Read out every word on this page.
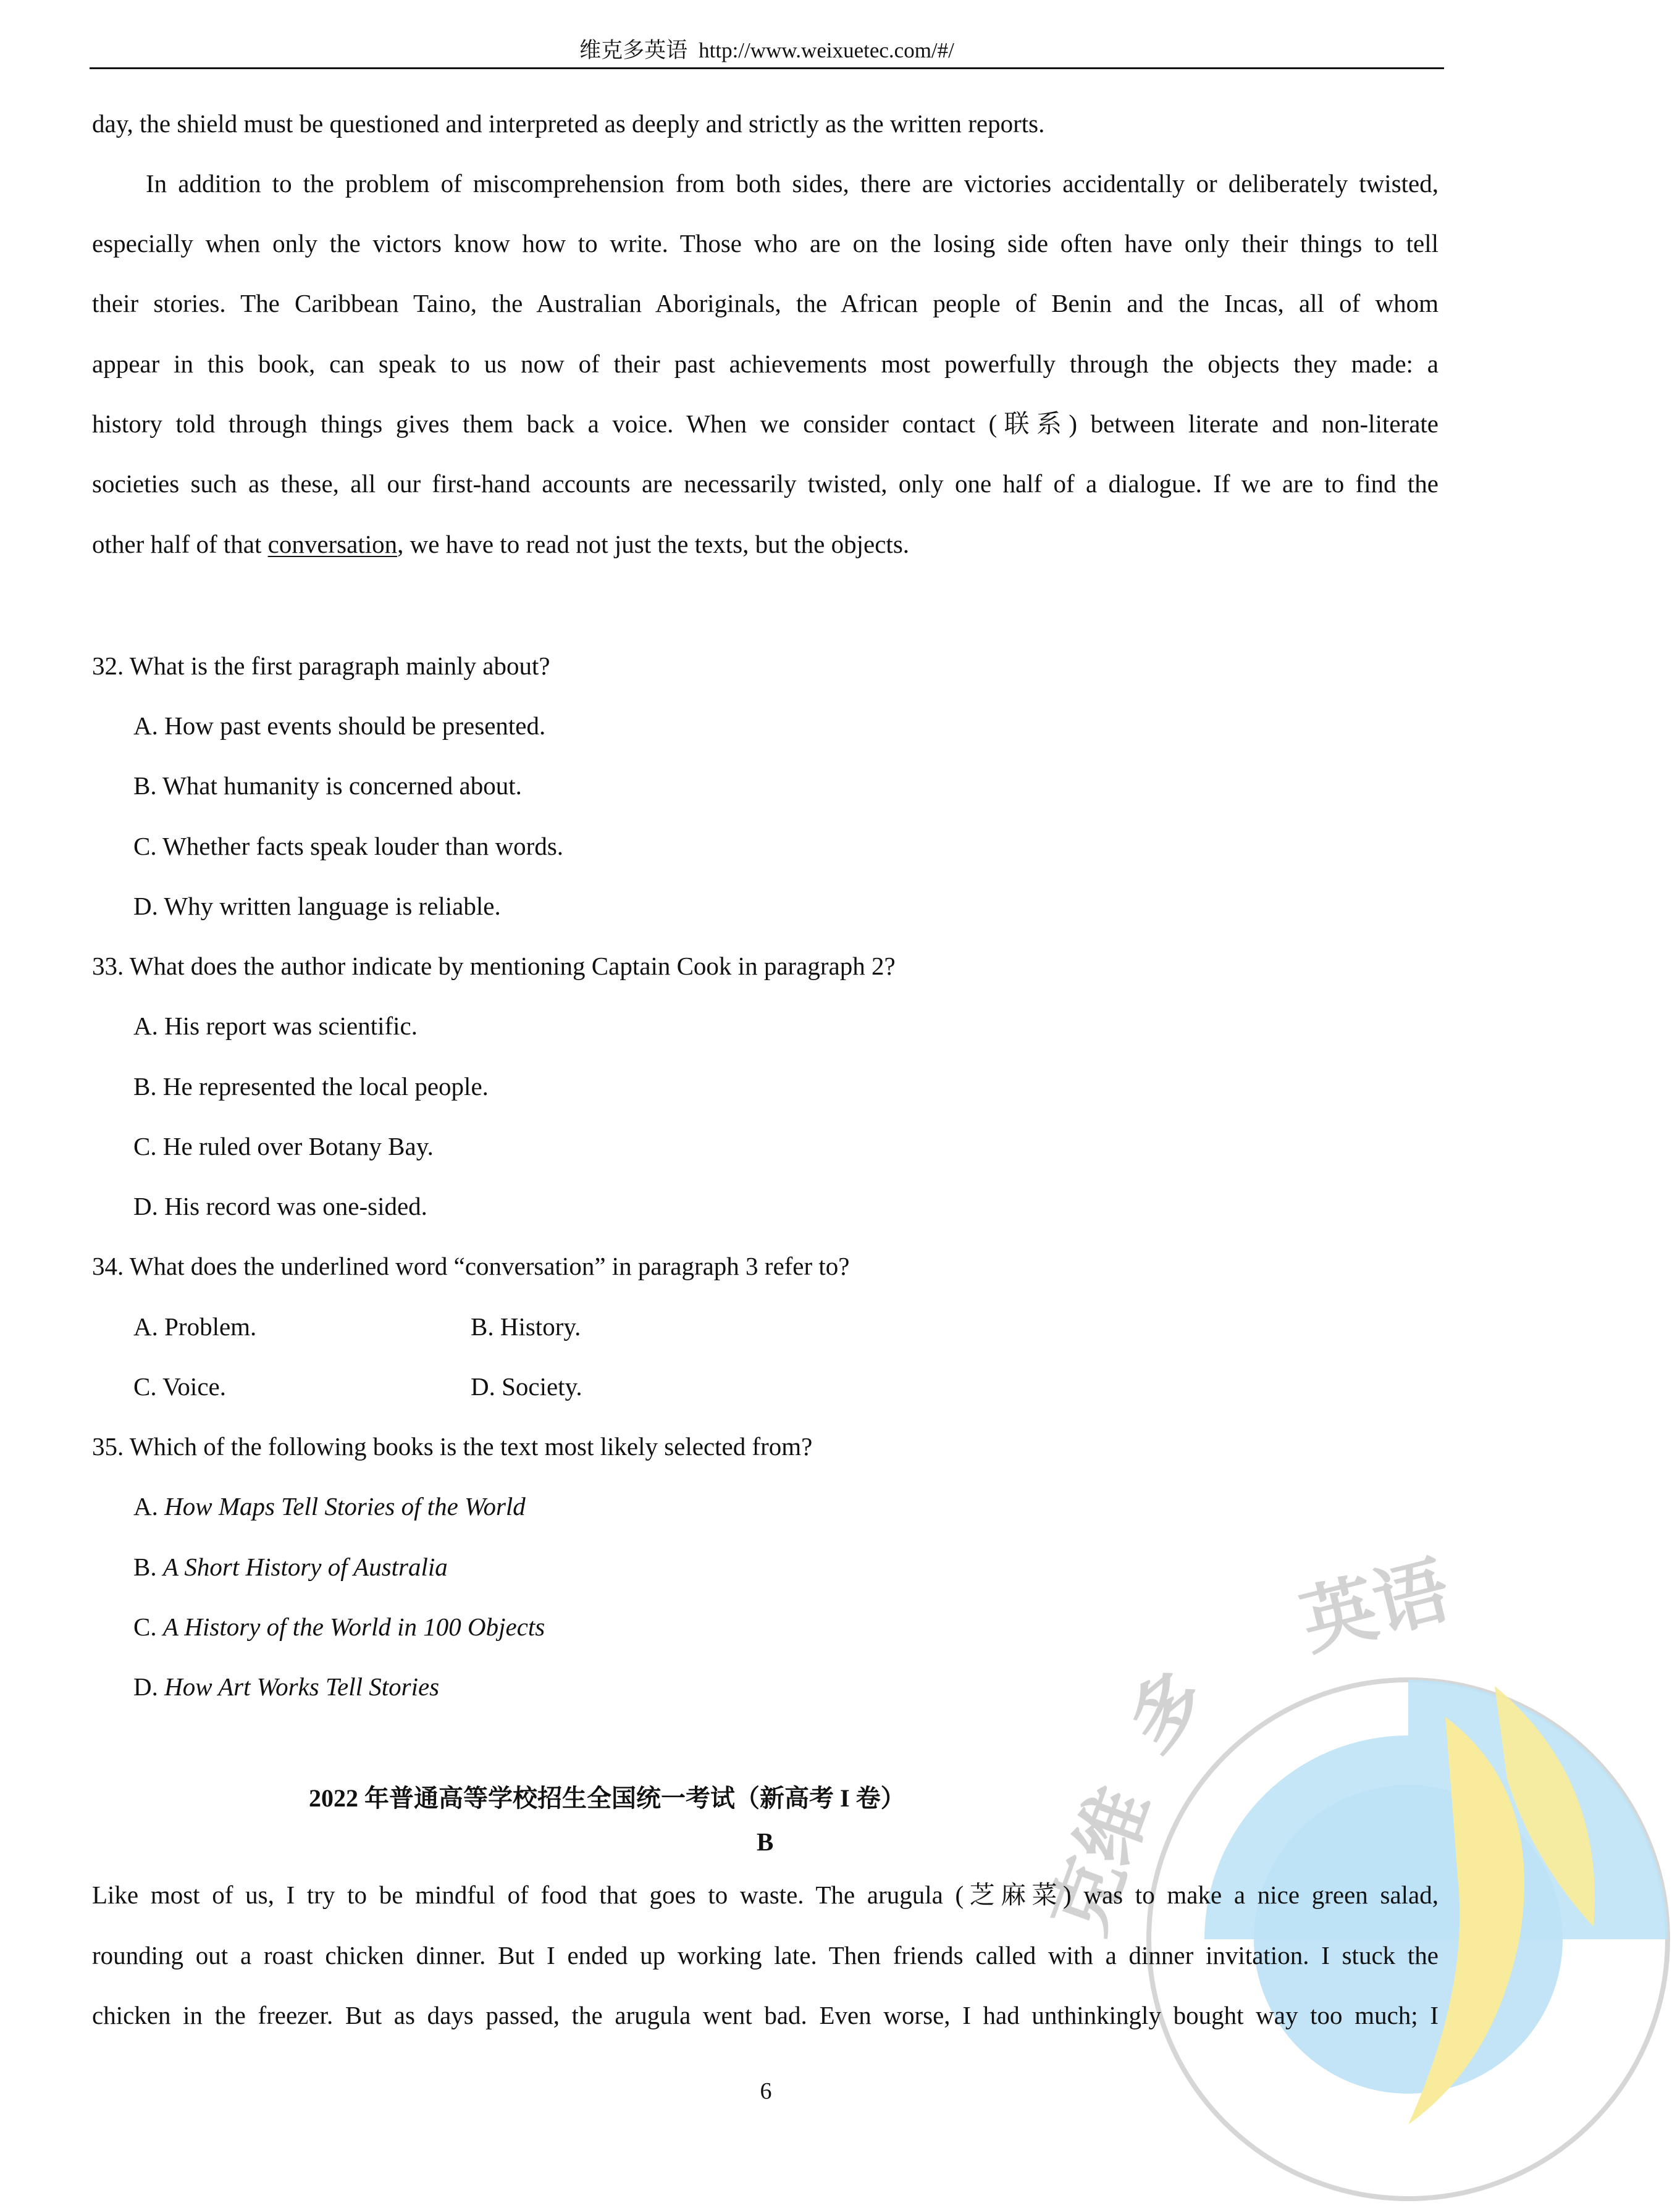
维克多英语 http://www.weixuetec.com/#/
英语
多
克维
day, the shield must be questioned and interpreted as deeply and strictly as the written reports.
In addition to the problem of miscomprehension from both sides, there are victories accidentally or deliberately twisted,
especially when only the victors know how to write. Those who are on the losing side often have only their things to tell
their stories. The Caribbean Taino, the Australian Aboriginals, the African people of Benin and the Incas, all of whom
appear in this book, can speak to us now of their past achievements most powerfully through the objects they made: a
history told through things gives them back a voice. When we consider contact (联系) between literate and non-literate
societies such as these, all our first-hand accounts are necessarily twisted, only one half of a dialogue. If we are to find the
other half of that conversation, we have to read not just the texts, but the objects.
32. What is the first paragraph mainly about?
A. How past events should be presented.
B. What humanity is concerned about.
C. Whether facts speak louder than words.
D. Why written language is reliable.
33. What does the author indicate by mentioning Captain Cook in paragraph 2?
A. His report was scientific.
B. He represented the local people.
C. He ruled over Botany Bay.
D. His record was one-sided.
34. What does the underlined word “conversation” in paragraph 3 refer to?
A. Problem.	B. History.
C. Voice.	D. Society.
35. Which of the following books is the text most likely selected from?
A. How Maps Tell Stories of the World
B. A Short History of Australia
C. A History of the World in 100 Objects
D. How Art Works Tell Stories
2022 年普通高等学校招生全国统一考试（新高考 I 卷）
B
Like most of us, I try to be mindful of food that goes to waste. The arugula (芝麻菜) was to make a nice green salad,
rounding out a roast chicken dinner. But I ended up working late. Then friends called with a dinner invitation. I stuck the
chicken in the freezer. But as days passed, the arugula went bad. Even worse, I had unthinkingly bought way too much; I
6
